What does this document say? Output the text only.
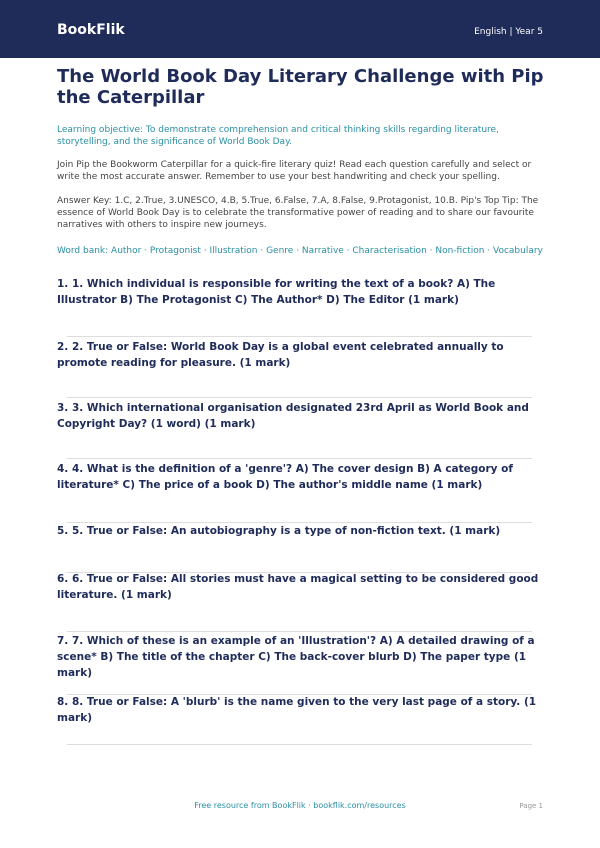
BookFlik	English | Year 5
The World Book Day Literary Challenge with Pip the Caterpillar

Learning objective: To demonstrate comprehension and critical thinking skills regarding literature, storytelling, and the significance of World Book Day.

Join Pip the Bookworm Caterpillar for a quick-fire literary quiz! Read each question carefully and select or write the most accurate answer. Remember to use your best handwriting and check your spelling.

Answer Key: 1.C, 2.True, 3.UNESCO, 4.B, 5.True, 6.False, 7.A, 8.False, 9.Protagonist, 10.B. Pip's Top Tip: The essence of World Book Day is to celebrate the transformative power of reading and to share our favourite narratives with others to inspire new journeys.

Word bank: Author · Protagonist · Illustration · Genre · Narrative · Characterisation · Non-fiction · Vocabulary

1. 1. Which individual is responsible for writing the text of a book? A) The Illustrator B) The Protagonist C) The Author* D) The Editor (1 mark)

2. 2. True or False: World Book Day is a global event celebrated annually to promote reading for pleasure. (1 mark)

3. 3. Which international organisation designated 23rd April as World Book and Copyright Day? (1 word) (1 mark)

4. 4. What is the definition of a 'genre'? A) The cover design B) A category of literature* C) The price of a book D) The author's middle name (1 mark)

5. 5. True or False: An autobiography is a type of non-fiction text. (1 mark)

6. 6. True or False: All stories must have a magical setting to be considered good literature. (1 mark)

7. 7. Which of these is an example of an 'Illustration'? A) A detailed drawing of a scene* B) The title of the chapter C) The back-cover blurb D) The paper type (1 mark)

8. 8. True or False: A 'blurb' is the name given to the very last page of a story. (1 mark)

Free resource from BookFlik · bookflik.com/resources	Page 1
